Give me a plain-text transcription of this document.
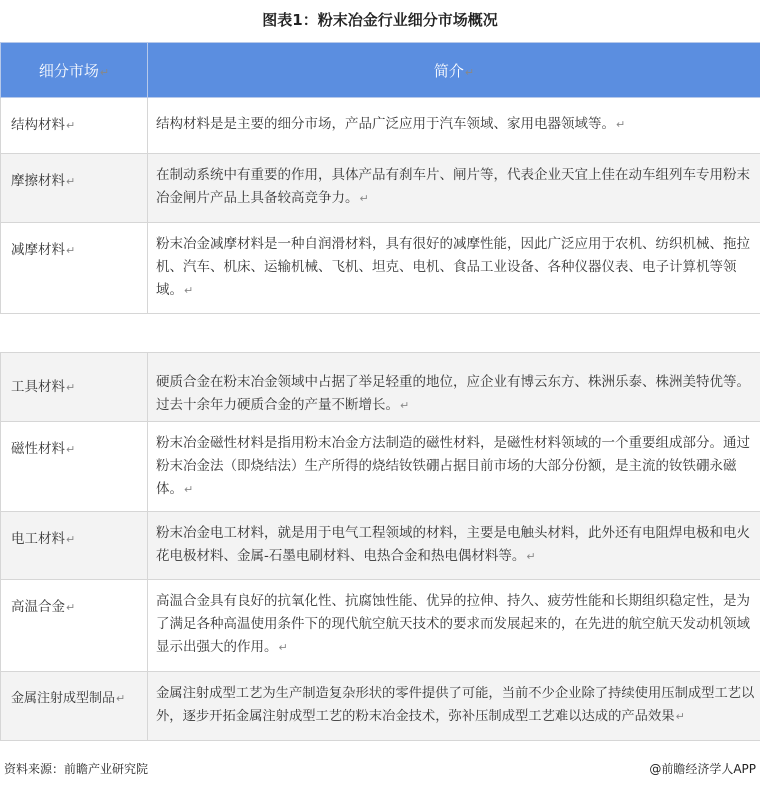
图表1：粉末冶金行业细分市场概况
细分市场↵	简介↵
结构材料↵	结构材料是是主要的细分市场，产品广泛应用于汽车领域、家用电器领域等。↵
摩擦材料↵	在制动系统中有重要的作用，具体产品有刹车片、闸片等，代表企业天宜上佳在动车组列车专用粉末冶金闸片产品上具备较高竞争力。↵
减摩材料↵	粉末冶金减摩材料是一种自润滑材料，具有很好的减摩性能，因此广泛应用于农机、纺织机械、拖拉机、汽车、机床、运输机械、飞机、坦克、电机、食品工业设备、各种仪器仪表、电子计算机等领域。↵
工具材料↵	硬质合金在粉末冶金领域中占据了举足轻重的地位，应企业有博云东方、株洲乐泰、株洲美特优等。过去十余年力硬质合金的产量不断增长。↵
磁性材料↵	粉末冶金磁性材料是指用粉末冶金方法制造的磁性材料，是磁性材料领域的一个重要组成部分。通过粉末冶金法（即烧结法）生产所得的烧结钕铁硼占据目前市场的大部分份额，是主流的钕铁硼永磁体。↵
电工材料↵	粉末冶金电工材料，就是用于电气工程领域的材料，主要是电触头材料，此外还有电阻焊电极和电火花电极材料、金属-石墨电刷材料、电热合金和热电偶材料等。↵
高温合金↵	高温合金具有良好的抗氧化性、抗腐蚀性能、优异的拉伸、持久、疲劳性能和长期组织稳定性，是为了满足各种高温使用条件下的现代航空航天技术的要求而发展起来的，在先进的航空航天发动机领域显示出强大的作用。↵
金属注射成型制品↵	金属注射成型工艺为生产制造复杂形状的零件提供了可能，当前不少企业除了持续使用压制成型工艺以外，逐步开拓金属注射成型工艺的粉末冶金技术，弥补压制成型工艺难以达成的产品效果↵
资料来源：前瞻产业研究院	@前瞻经济学人APP
